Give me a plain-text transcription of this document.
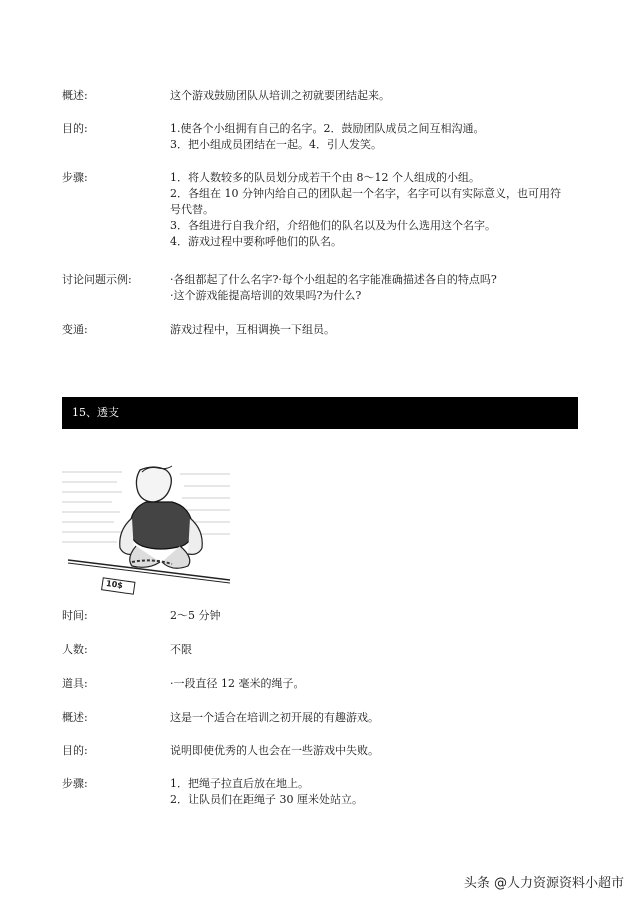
概述:	这个游戏鼓励团队从培训之初就要团结起来。
目的:	1.使各个小组拥有自己的名字。2．鼓励团队成员之间互相沟通。
3．把小组成员团结在一起。4．引人发笑。
步骤:	1．将人数较多的队员划分成若干个由 8～12 个人组成的小组。
2．各组在 10 分钟内给自己的团队起一个名字，名字可以有实际意义，也可用符
号代替。
3．各组进行自我介绍，介绍他们的队名以及为什么选用这个名字。
4．游戏过程中要称呼他们的队名。
讨论问题示例:	·各组都起了什么名字?·每个小组起的名字能准确描述各自的特点吗?
·这个游戏能提高培训的效果吗?为什么?
变通:	游戏过程中，互相调换一下组员。
15、透支
10$
时间:	2～5 分钟
人数:	不限
道具:	·一段直径 12 毫米的绳子。
概述:	这是一个适合在培训之初开展的有趣游戏。
目的:	说明即使优秀的人也会在一些游戏中失败。
步骤:	1．把绳子拉直后放在地上。
2．让队员们在距绳子 30 厘米处站立。
头条 @人力资源资料小超市
